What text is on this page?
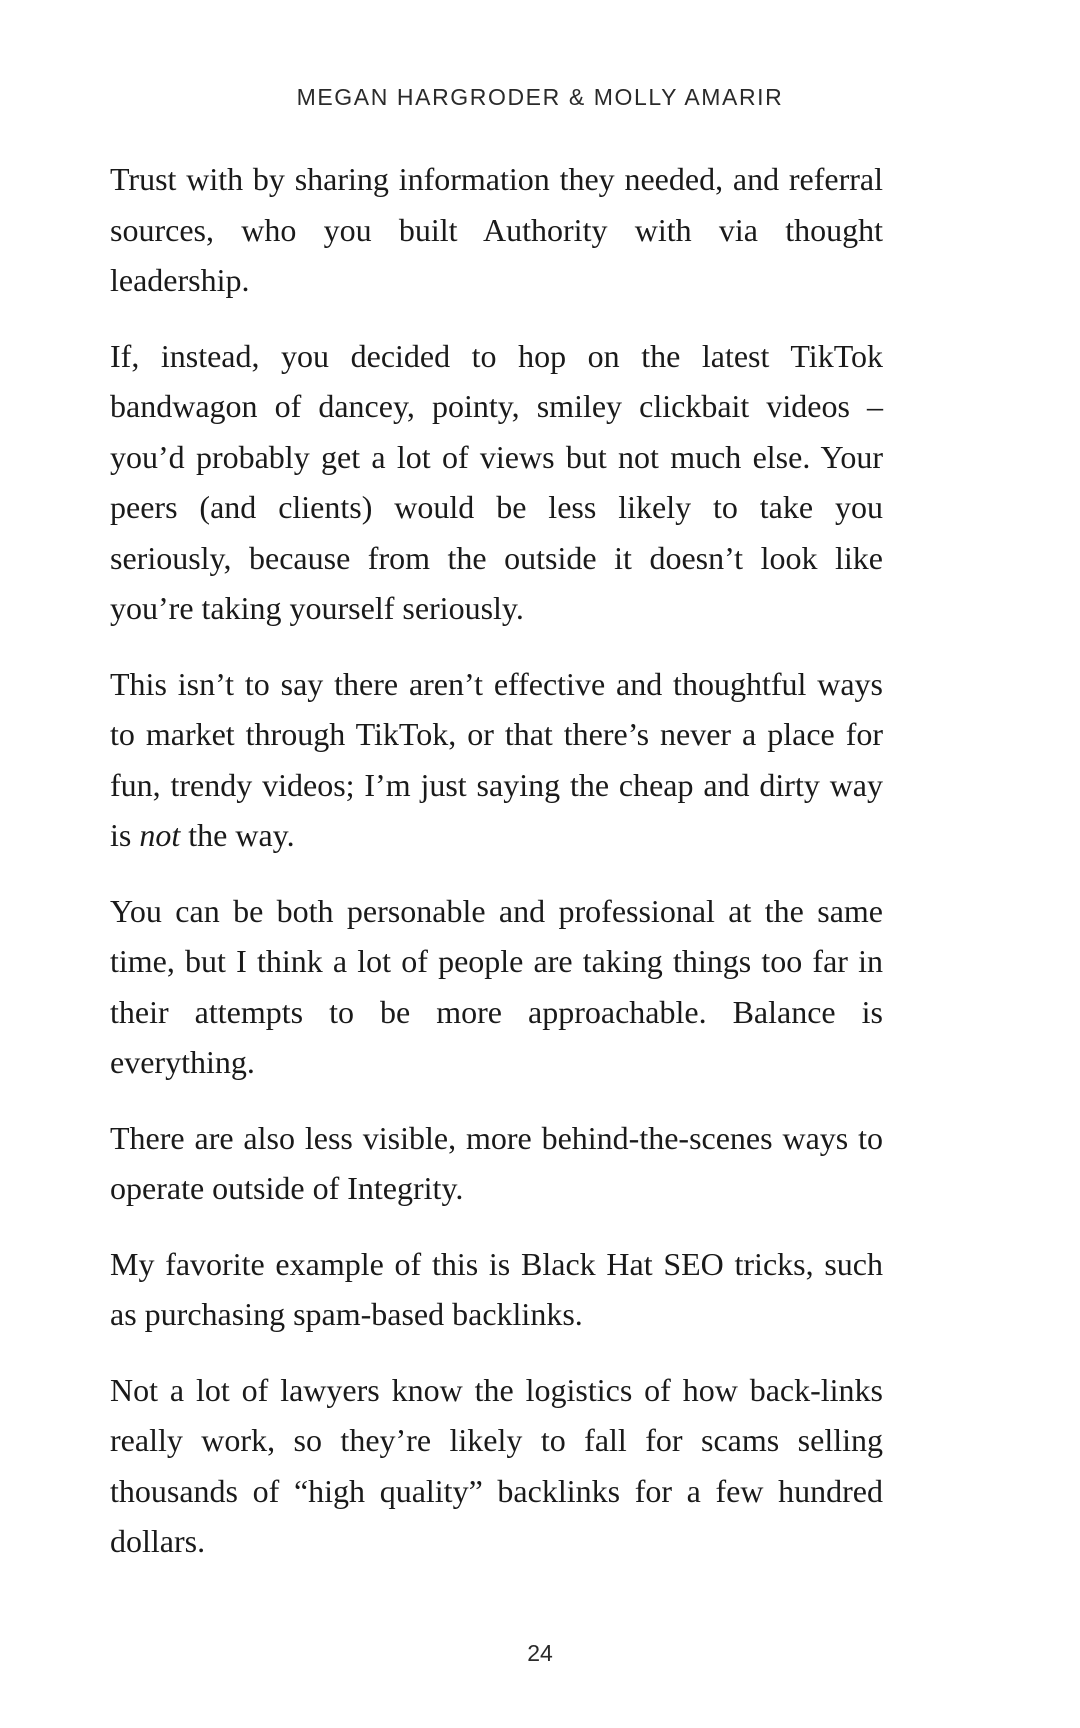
MEGAN HARGRODER & MOLLY AMARIR

Trust with by sharing information they needed, and referral sources, who you built Authority with via thought leadership.

If, instead, you decided to hop on the latest TikTok bandwagon of dancey, pointy, smiley clickbait videos – you’d probably get a lot of views but not much else. Your peers (and clients) would be less likely to take you seriously, because from the outside it doesn’t look like you’re taking yourself seriously.

This isn’t to say there aren’t effective and thoughtful ways to market through TikTok, or that there’s never a place for fun, trendy videos; I’m just saying the cheap and dirty way is not the way.

You can be both personable and professional at the same time, but I think a lot of people are taking things too far in their attempts to be more approachable. Balance is everything.

There are also less visible, more behind-the-scenes ways to operate outside of Integrity.

My favorite example of this is Black Hat SEO tricks, such as purchasing spam-based backlinks.

Not a lot of lawyers know the logistics of how back-links really work, so they’re likely to fall for scams selling thousands of “high quality” backlinks for a few hundred dollars.

24
